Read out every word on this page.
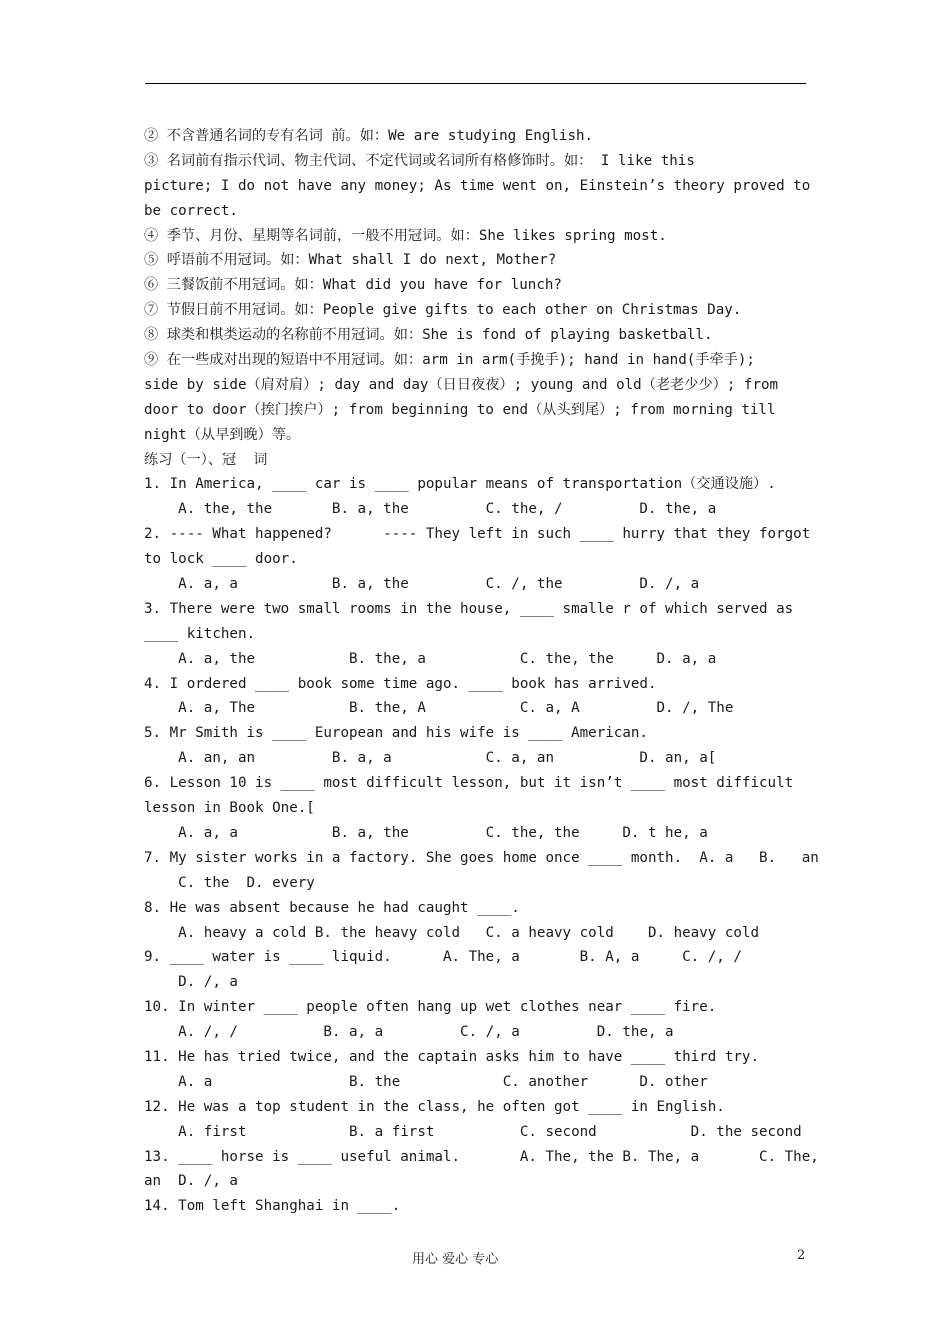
② 不含普通名词的专有名词 前。如：We are studying English.
③ 名词前有指示代词、物主代词、不定代词或名词所有格修饰时。如： I like this
picture; I do not have any money; As time went on, Einstein’s theory proved to
be correct.
④ 季节、月份、星期等名词前，一般不用冠词。如：She likes spring most.
⑤ 呼语前不用冠词。如：What shall I do next, Mother?
⑥ 三餐饭前不用冠词。如：What did you have for lunch?
⑦ 节假日前不用冠词。如：People give gifts to each other on Christmas Day.
⑧ 球类和棋类运动的名称前不用冠词。如：She is fond of playing basketball.
⑨ 在一些成对出现的短语中不用冠词。如：arm in arm(手挽手); hand in hand(手牵手);
side by side（肩对肩）; day and day（日日夜夜）; young and old（老老少少）; from
door to door（挨门挨户）; from beginning to end（从头到尾）; from morning till
night（从早到晚）等。
练习（一）、冠  词
1. In America, ____ car is ____ popular means of transportation（交通设施）.
A. the, the       B. a, the         C. the, /         D. the, a
2. ---- What happened?      ---- They left in such ____ hurry that they forgot
to lock ____ door.
A. a, a           B. a, the         C. /, the         D. /, a
3. There were two small rooms in the house, ____ smalle r of which served as
____ kitchen.
A. a, the           B. the, a           C. the, the     D. a, a
4. I ordered ____ book some time ago. ____ book has arrived.
A. a, The           B. the, A           C. a, A         D. /, The
5. Mr Smith is ____ European and his wife is ____ American.
A. an, an         B. a, a           C. a, an          D. an, a[
6. Lesson 10 is ____ most difficult lesson, but it isn’t ____ most difficult
lesson in Book One.[
A. a, a           B. a, the         C. the, the     D. t he, a
7. My sister works in a factory. She goes home once ____ month.  A. a   B.   an
C. the  D. every
8. He was absent because he had caught ____.
A. heavy a cold B. the heavy cold   C. a heavy cold    D. heavy cold
9. ____ water is ____ liquid.      A. The, a       B. A, a     C. /, /
D. /, a
10. In winter ____ people often hang up wet clothes near ____ fire.
A. /, /          B. a, a         C. /, a         D. the, a
11. He has tried twice, and the captain asks him to have ____ third try.
A. a                B. the            C. another      D. other
12. He was a top student in the class, he often got ____ in English.
A. first            B. a first          C. second           D. the second
13. ____ horse is ____ useful animal.       A. The, the B. The, a       C. The,
an  D. /, a
14. Tom left Shanghai in ____.
用心 爱心 专心	2
